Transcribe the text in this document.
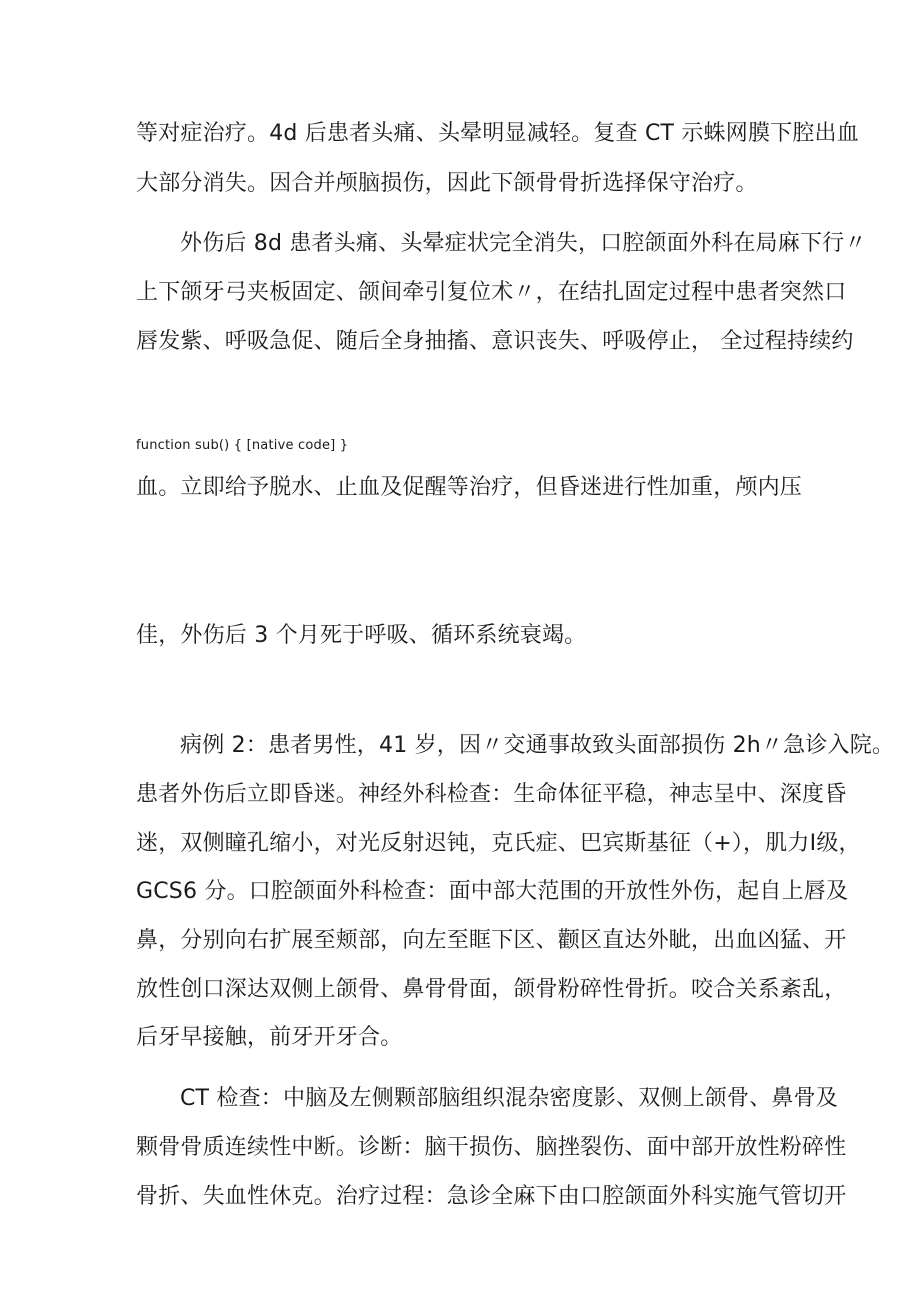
等对症治疗。4d 后患者头痛、头晕明显减轻。复查 CT 示蛛网膜下腔出血

大部分消失。因合并颅脑损伤，因此下颌骨骨折选择保守治疗。

外伤后 8d 患者头痛、头晕症状完全消失，口腔颌面外科在局麻下行〃

上下颌牙弓夹板固定、颌间牵引复位术〃，在结扎固定过程中患者突然口

唇发紫、呼吸急促、随后全身抽搐、意识丧失、呼吸停止， 全过程持续约

$_{function sub() \{ [native code] \}}$

血。立即给予脱水、止血及促醒等治疗，但昏迷进行性加重，颅内压

佳，外伤后 3 个月死于呼吸、循环系统衰竭。

病例 2：患者男性，41 岁，因〃交通事故致头面部损伤 2h〃急诊入院。

患者外伤后立即昏迷。神经外科检查：生命体征平稳，神志呈中、深度昏

迷，双侧瞳孔缩小，对光反射迟钝，克氏症、巴宾斯基征（+），肌力Ⅰ级，

GCS6 分。口腔颌面外科检查：面中部大范围的开放性外伤，起自上唇及

鼻，分别向右扩展至颊部，向左至眶下区、颧区直达外眦，出血凶猛、开

放性创口深达双侧上颌骨、鼻骨骨面，颌骨粉碎性骨折。咬合关系紊乱，

后牙早接触，前牙开牙合。

CT 检查：中脑及左侧颗部脑组织混杂密度影、双侧上颌骨、鼻骨及

颗骨骨质连续性中断。诊断：脑干损伤、脑挫裂伤、面中部开放性粉碎性

骨折、失血性休克。治疗过程：急诊全麻下由口腔颌面外科实施气管切开
